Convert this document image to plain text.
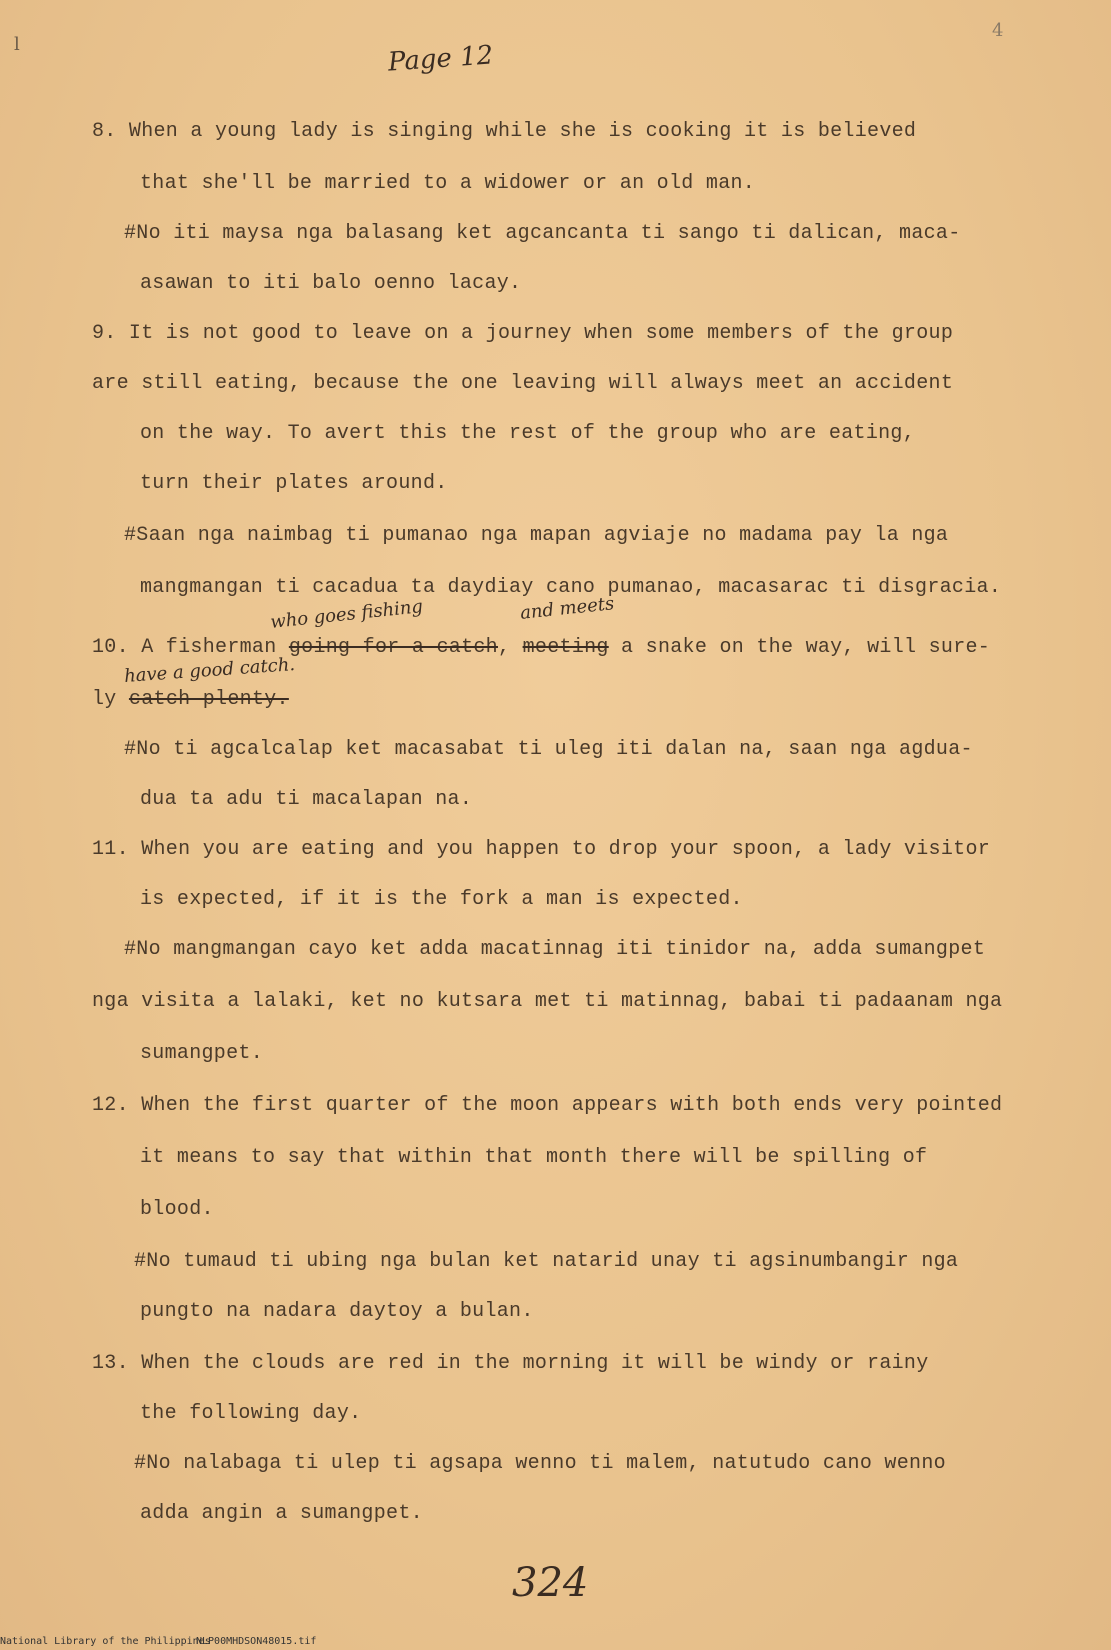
l
4
Page 12
8. When a young lady is singing while she is cooking it is believed
that she'll be married to a widower or an old man.
#No iti maysa nga balasang ket agcancanta ti sango ti dalican, maca-
asawan to iti balo oenno lacay.
9. It is not good to leave on a journey when some members of the group
are still eating, because the one leaving will always meet an accident
on the way. To avert this the rest of the group who are eating,
turn their plates around.
#Saan nga naimbag ti pumanao nga mapan agviaje no madama pay la nga
mangmangan ti cacadua ta daydiay cano pumanao, macasarac ti disgracia.
who goes fishing	and meets
10. A fisherman going for a catch, meeting a snake on the way, will sure-
have a good catch.
ly catch plenty.
#No ti agcalcalap ket macasabat ti uleg iti dalan na, saan nga agdua-
dua ta adu ti macalapan na.
11. When you are eating and you happen to drop your spoon, a lady visitor
is expected, if it is the fork a man is expected.
#No mangmangan cayo ket adda macatinnag iti tinidor na, adda sumangpet
nga visita a lalaki, ket no kutsara met ti matinnag, babai ti padaanam nga
sumangpet.
12. When the first quarter of the moon appears with both ends very pointed
it means to say that within that month there will be spilling of
blood.
#No tumaud ti ubing nga bulan ket natarid unay ti agsinumbangir nga
pungto na nadara daytoy a bulan.
13. When the clouds are red in the morning it will be windy or rainy
the following day.
#No nalabaga ti ulep ti agsapa wenno ti malem, natutudo cano wenno
adda angin a sumangpet.
324
National Library of the Philippines
NLP00MHDSON48015.tif
